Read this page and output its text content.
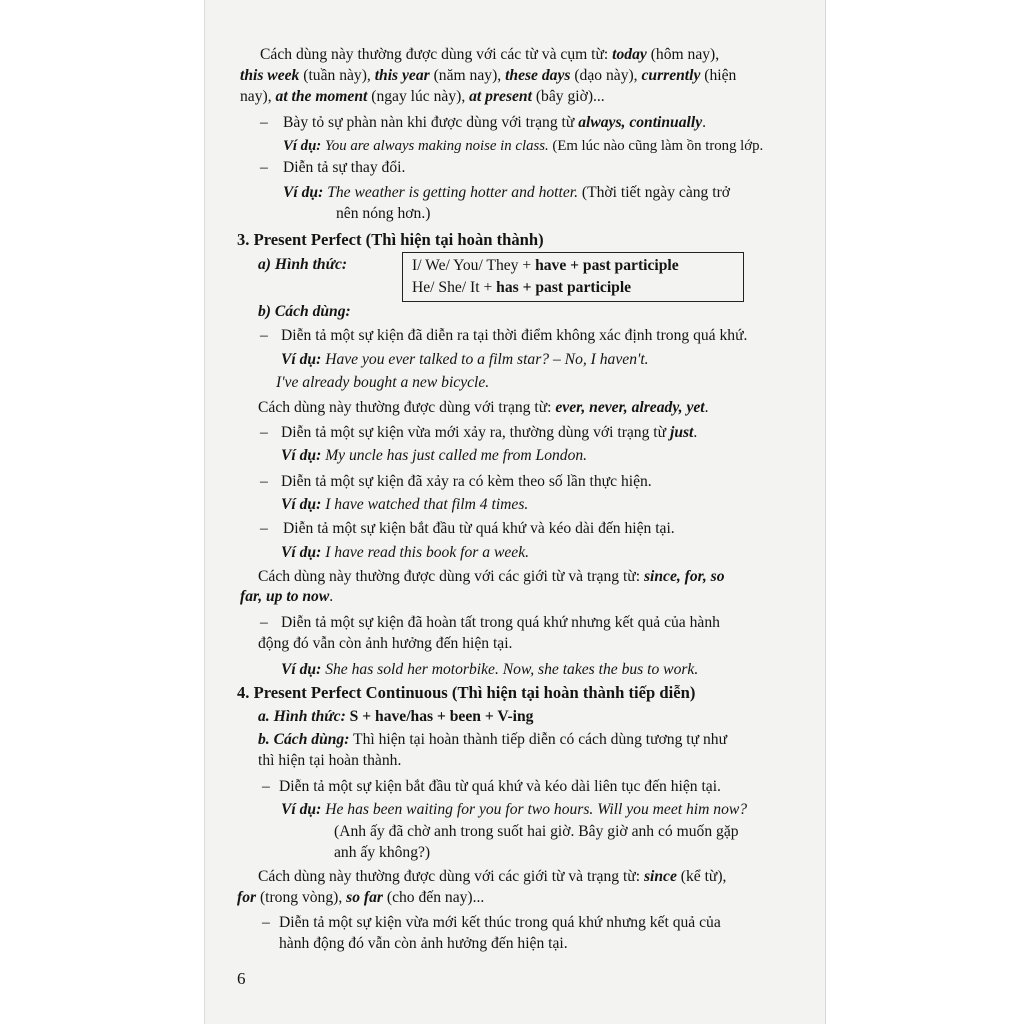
Cách dùng này thường được dùng với các từ và cụm từ: today (hôm nay),
this week (tuần này), this year (năm nay), these days (dạo này), currently (hiện
nay), at the moment (ngay lúc này), at present (bây giờ)...
– Bày tỏ sự phàn nàn khi được dùng với trạng từ always, continually.
Ví dụ: You are always making noise in class. (Em lúc nào cũng làm ồn trong lớp.
– Diễn tả sự thay đổi.
Ví dụ: The weather is getting hotter and hotter. (Thời tiết ngày càng trở
nên nóng hơn.)
3. Present Perfect (Thì hiện tại hoàn thành)
a) Hình thức:	I/ We/ You/ They + have + past participle
He/ She/ It + has + past participle
b) Cách dùng:
– Diễn tả một sự kiện đã diễn ra tại thời điểm không xác định trong quá khứ.
Ví dụ: Have you ever talked to a film star? – No, I haven't.
I've already bought a new bicycle.
Cách dùng này thường được dùng với trạng từ: ever, never, already, yet.
– Diễn tả một sự kiện vừa mới xảy ra, thường dùng với trạng từ just.
Ví dụ: My uncle has just called me from London.
– Diễn tả một sự kiện đã xảy ra có kèm theo số lần thực hiện.
Ví dụ: I have watched that film 4 times.
– Diễn tả một sự kiện bắt đầu từ quá khứ và kéo dài đến hiện tại.
Ví dụ: I have read this book for a week.
Cách dùng này thường được dùng với các giới từ và trạng từ: since, for, so
far, up to now.
– Diễn tả một sự kiện đã hoàn tất trong quá khứ nhưng kết quả của hành
động đó vẫn còn ảnh hưởng đến hiện tại.
Ví dụ: She has sold her motorbike. Now, she takes the bus to work.
4. Present Perfect Continuous (Thì hiện tại hoàn thành tiếp diễn)
a. Hình thức: S + have/has + been + V-ing
b. Cách dùng: Thì hiện tại hoàn thành tiếp diễn có cách dùng tương tự như
thì hiện tại hoàn thành.
– Diễn tả một sự kiện bắt đầu từ quá khứ và kéo dài liên tục đến hiện tại.
Ví dụ: He has been waiting for you for two hours. Will you meet him now?
(Anh ấy đã chờ anh trong suốt hai giờ. Bây giờ anh có muốn gặp
anh ấy không?)
Cách dùng này thường được dùng với các giới từ và trạng từ: since (kể từ),
for (trong vòng), so far (cho đến nay)...
– Diễn tả một sự kiện vừa mới kết thúc trong quá khứ nhưng kết quả của
hành động đó vẫn còn ảnh hưởng đến hiện tại.
6
